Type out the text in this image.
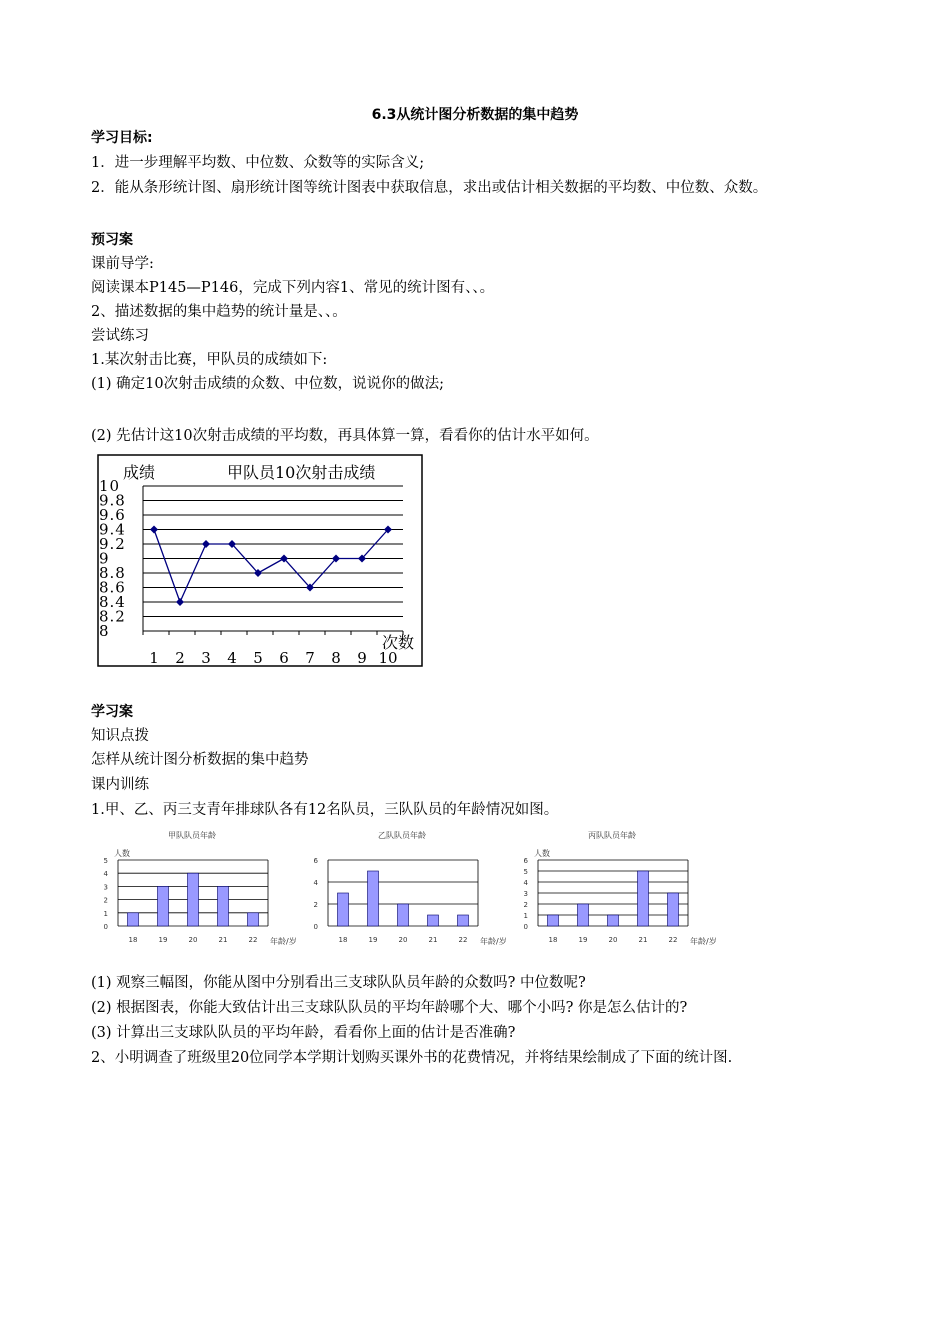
6.3从统计图分析数据的集中趋势
学习目标:
1．进一步理解平均数、中位数、众数等的实际含义;
2．能从条形统计图、扇形统计图等统计图表中获取信息，求出或估计相关数据的平均数、中位数、众数。
预习案
课前导学:
阅读课本P145—P146，完成下列内容1、常见的统计图有、、。
2、描述数据的集中趋势的统计量是、、。
尝试练习
1.某次射击比赛，甲队员的成绩如下:
(1) 确定10次射击成绩的众数、中位数，说说你的做法;
(2) 先估计这10次射击成绩的平均数，再具体算一算，看看你的估计水平如何。
成绩	甲队员10次射击成绩
次数
10
9.8
9.6
9.4
9.2
9
8.8
8.6
8.4
8.2
8
1 2 3 4 5 6 7 8 9 10
学习案
知识点拨
怎样从统计图分析数据的集中趋势
课内训练
1.甲、乙、丙三支青年排球队各有12名队员，三队队员的年龄情况如图。
甲队队员年龄
人数
5
4
3
2
1
0
18	19	20	21	22 年龄/岁
乙队队员年龄
6
4
2
0
18	19	20	21	22 年龄/岁
丙队队员年龄
人数
6
5
4
3
2
1
0
18	19	20	21	22 年龄/岁
(1) 观察三幅图，你能从图中分别看出三支球队队员年龄的众数吗? 中位数呢?
(2) 根据图表，你能大致估计出三支球队队员的平均年龄哪个大、哪个小吗? 你是怎么估计的?
(3) 计算出三支球队队员的平均年龄，看看你上面的估计是否准确?
2、小明调查了班级里20位同学本学期计划购买课外书的花费情况，并将结果绘制成了下面的统计图.
